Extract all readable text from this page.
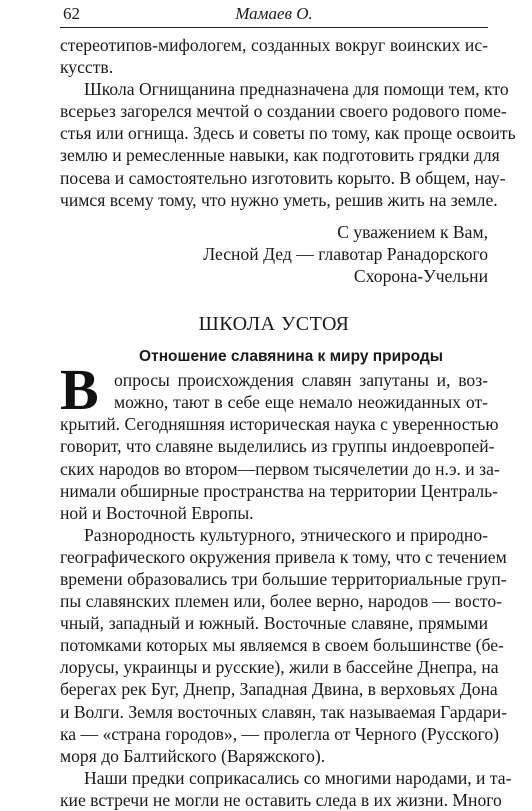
62	Мамаев О.

стереотипов-мифологем, созданных вокруг воинских ис-
кусств.

Школа Огнищанина предназначена для помощи тем, кто
всерьез загорелся мечтой о создании своего родового поме-
стья или огнища. Здесь и советы по тому, как проще освоить
землю и ремесленные навыки, как подготовить грядки для
посева и самостоятельно изготовить корыто. В общем, нау-
чимся всему тому, что нужно уметь, решив жить на земле.

С уважением к Вам,
Лесной Дед — главотар Ранадорского
Схорона-Учельни
ШКОЛА УСТОЯ
Отношение славянина к миру природы
В опросы происхождения славян запутаны и, воз-
можно, тают в себе еще немало неожиданных от-
крытий. Сегодняшняя историческая наука с уверенностью
говорит, что славяне выделились из группы индоевропей-
ских народов во втором—первом тысячелетии до н.э. и за-
нимали обширные пространства на территории Централь-
ной и Восточной Европы.

Разнородность культурного, этнического и природно-
географического окружения привела к тому, что с течением
времени образовались три большие территориальные груп-
пы славянских племен или, более верно, народов — восто-
чный, западный и южный. Восточные славяне, прямыми
потомками которых мы являемся в своем большинстве (бе-
лорусы, украинцы и русские), жили в бассейне Днепра, на
берегах рек Буг, Днепр, Западная Двина, в верховьях Дона
и Волги. Земля восточных славян, так называемая Гардари-
ка — «страна городов», — пролегла от Черного (Русского)
моря до Балтийского (Варяжского).

Наши предки соприкасались со многими народами, и та-
кие встречи не могли не оставить следа в их жизни. Много
